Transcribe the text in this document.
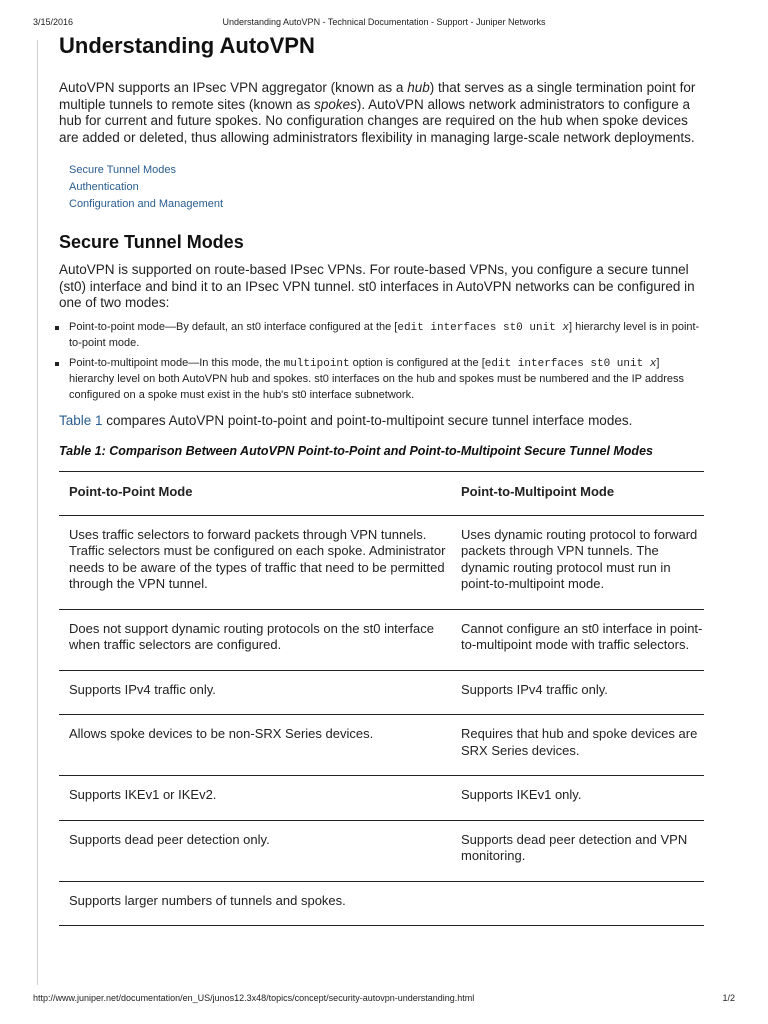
3/15/2016	Understanding AutoVPN - Technical Documentation - Support - Juniper Networks
Understanding AutoVPN

AutoVPN supports an IPsec VPN aggregator (known as a hub) that serves as a single termination point for multiple tunnels to remote sites (known as spokes). AutoVPN allows network administrators to configure a hub for current and future spokes. No configuration changes are required on the hub when spoke devices are added or deleted, thus allowing administrators flexibility in managing large-scale network deployments.

Secure Tunnel Modes
Authentication
Configuration and Management
Secure Tunnel Modes

AutoVPN is supported on route-based IPsec VPNs. For route-based VPNs, you configure a secure tunnel (st0) interface and bind it to an IPsec VPN tunnel. st0 interfaces in AutoVPN networks can be configured in one of two modes:

Point-to-point mode—By default, an st0 interface configured at the [edit interfaces st0 unit x] hierarchy level is in point-to-point mode.
Point-to-multipoint mode—In this mode, the multipoint option is configured at the [edit interfaces st0 unit x] hierarchy level on both AutoVPN hub and spokes. st0 interfaces on the hub and spokes must be numbered and the IP address configured on a spoke must exist in the hub's st0 interface subnetwork.

Table 1 compares AutoVPN point-to-point and point-to-multipoint secure tunnel interface modes.

Table 1: Comparison Between AutoVPN Point-to-Point and Point-to-Multipoint Secure Tunnel Modes

Point-to-Point Mode	Point-to-Multipoint Mode
Uses traffic selectors to forward packets through VPN tunnels. Traffic selectors must be configured on each spoke. Administrator needs to be aware of the types of traffic that need to be permitted through the VPN tunnel.	Uses dynamic routing protocol to forward packets through VPN tunnels. The dynamic routing protocol must run in point-to-multipoint mode.
Does not support dynamic routing protocols on the st0 interface when traffic selectors are configured.	Cannot configure an st0 interface in point-to-multipoint mode with traffic selectors.
Supports IPv4 traffic only.	Supports IPv4 traffic only.
Allows spoke devices to be non-SRX Series devices.	Requires that hub and spoke devices are SRX Series devices.
Supports IKEv1 or IKEv2.	Supports IKEv1 only.
Supports dead peer detection only.	Supports dead peer detection and VPN monitoring.
Supports larger numbers of tunnels and spokes.	
http://www.juniper.net/documentation/en_US/junos12.3x48/topics/concept/security-autovpn-understanding.html	1/2
